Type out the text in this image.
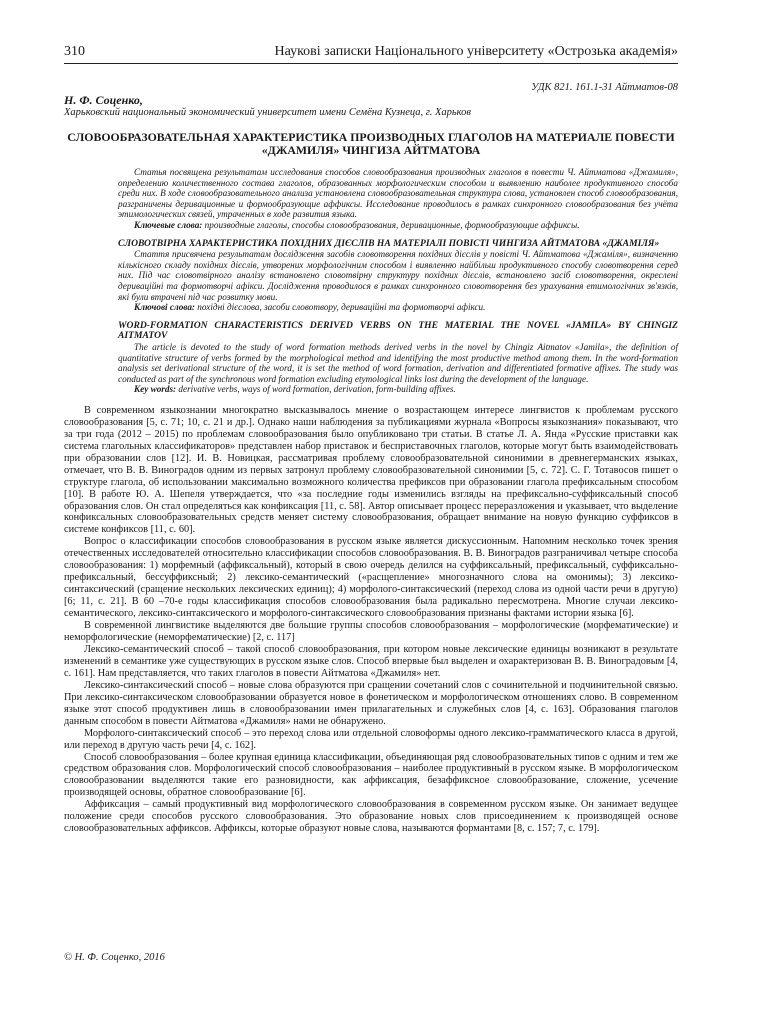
310	Наукові записки Національного університету «Острозька академія»
УДК 821. 161.1-31 Айтматов-08
Н. Ф. Соценко,
Харьковский национальный экономический университет имени Семёна Кузнеца, г. Харьков
СЛОВООБРАЗОВАТЕЛЬНАЯ ХАРАКТЕРИСТИКА ПРОИЗВОДНЫХ ГЛАГОЛОВ НА МАТЕРИАЛЕ ПОВЕСТИ «ДЖАМИЛЯ» ЧИНГИЗА АЙТМАТОВА

Статья посвящена результатам исследования способов словообразования производных глаголов в повести Ч. Айтматова «Джамиля», определению количественного состава глаголов, образованных морфологическим способом и выявлению наиболее продуктивного способа среди них. В ходе словообразовательного анализа установлена словообразовательная структура слова, установлен способ словообразования, разграничены деривационные и формообразующие аффиксы. Исследование проводилось в рамках синхронного словообразования без учёта этимологических связей, утраченных в ходе развития языка.

Ключевые слова: производные глаголы, способы словообразования, деривационные, формообразующие аффиксы.

СЛОВОТВІРНА ХАРАКТЕРИСТИКА ПОХІДНИХ ДІЄСЛІВ НА МАТЕРІАЛІ ПОВІСТІ ЧИНГИЗА АЙТМАТОВА «ДЖАМІЛЯ»

Стаття присвячена результатам дослідження засобів словотворення похідних дієслів у повісті Ч. Айтматова «Джаміля», визначенню кількісного складу похідних дієслів, утворених морфологічним способом і виявленню найбільш продуктивного способу словотворення серед них. Під час словотвірного аналізу встановлено словотвірну структуру похідних дієслів, встановлено засіб словотворення, окреслені дериваційні та формотворчі афікси. Дослідження проводилося в рамках синхронного словотворення без урахування етимологічних зв'язків, які були втрачені під час розвитку мови.

Ключові слова: похідні дієслова, засоби словотвору, дериваційні та формотворчі афікси.

WORD-FORMATION CHARACTERISTICS DERIVED VERBS ON THE MATERIAL THE NOVEL «JAMILA» BY CHINGIZ AITMATOV

The article is devoted to the study of word formation methods derived verbs in the novel by Chingiz Aitmatov «Jamila», the definition of quantitative structure of verbs formed by the morphological method and identifying the most productive method among them. In the word-formation analysis set derivational structure of the word, it is set the method of word formation, derivation and differentiated formative affixes. The study was conducted as part of the synchronous word formation excluding etymological links lost during the development of the language.

Key words: derivative verbs, ways of word formation, derivation, form-building affixes.

В современном языкознании многократно высказывалось мнение о возрастающем интересе лингвистов к проблемам русского словообразования [5, с. 71; 10, с. 21 и др.]. Однако наши наблюдения за публикациями журнала «Вопросы языкознания» показывают, что за три года (2012 – 2015) по проблемам словообразования было опубликовано три статьи. В статье Л. А. Янда «Русские приставки как система глагольных классификаторов» представлен набор приставок и бесприставочных глаголов, которые могут быть взаимодействовать при образовании слов [12]. И. В. Новицкая, рассматривая проблему словообразовательной синонимии в древнегерманских языках, отмечает, что В. В. Виноградов одним из первых затронул проблему словообразовательной синонимии [5, с. 72]. С. Г. Тотавосов пишет о структуре глагола, об использовании максимально возможного количества префиксов при образовании глагола префиксальным способом [10]. В работе Ю. А. Шепеля утверждается, что «за последние годы изменились взгляды на префиксально-суффиксальный способ образования слов. Он стал определяться как конфиксация [11, с. 58]. Автор описывает процесс переразложения и указывает, что выделение конфиксальных словообразовательных средств меняет систему словообразования, обращает внимание на новую функцию суффиксов в системе конфиксов [11, с. 60].

Вопрос о классификации способов словообразования в русском языке является дискуссионным. Напомним несколько точек зрения отечественных исследователей относительно классификации способов словообразования. В. В. Виноградов разграничивал четыре способа словообразования: 1) морфемный (аффиксальный), который в свою очередь делился на суффиксальный, префиксальный, суффиксально-префиксальный, бессуффиксный; 2) лексико-семантический («расщепление» многозначного слова на омонимы); 3) лексико-синтаксический (сращение нескольких лексических единиц); 4) морфолого-синтаксический (переход слова из одной части речи в другую) [6; 11, с. 21]. В 60 –70-е годы классификация способов словообразования была радикально пересмотрена. Многие случаи лексико-семантического, лексико-синтаксического и морфолого-синтаксического словообразования признаны фактами истории языка [6].

В современной лингвистике выделяются две большие группы способов словообразования – морфологические (морфематические) и неморфологические (неморфематические) [2, с. 117]

Лексико-семантический способ – такой способ словообразования, при котором новые лексические единицы возникают в результате изменений в семантике уже существующих в русском языке слов. Способ впервые был выделен и охарактеризован В. В. Виноградовым [4, с. 161]. Нам представляется, что таких глаголов в повести Айтматова «Джамиля» нет.

Лексико-синтаксический способ – новые слова образуются при сращении сочетаний слов с сочинительной и подчинительной связью. При лексико-синтаксическом словообразовании образуется новое в фонетическом и морфологическом отношениях слово. В современном языке этот способ продуктивен лишь в словообразовании имен прилагательных и служебных слов [4, с. 163]. Образования глаголов данным способом в повести Айтматова «Джамиля» нами не обнаружено.

Морфолого-синтаксический способ – это переход слова или отдельной словоформы одного лексико-грамматического класса в другой, или переход в другую часть речи [4, с. 162].

Способ словообразования – более крупная единица классификации, объединяющая ряд словообразовательных типов с одним и тем же средством образования слов. Морфологический способ словообразования – наиболее продуктивный в русском языке. В морфологическом словообразовании выделяются такие его разновидности, как аффиксация, безаффиксное словообразование, сложение, усечение производящей основы, обратное словообразование [6].

Аффиксация – самый продуктивный вид морфологического словообразования в современном русском языке. Он занимает ведущее положение среди способов русского словообразования. Это образование новых слов присоединением к производящей основе словообразовательных аффиксов. Аффиксы, которые образуют новые слова, называются формантами [8, с. 157; 7, с. 179].

© Н. Ф. Соценко, 2016
